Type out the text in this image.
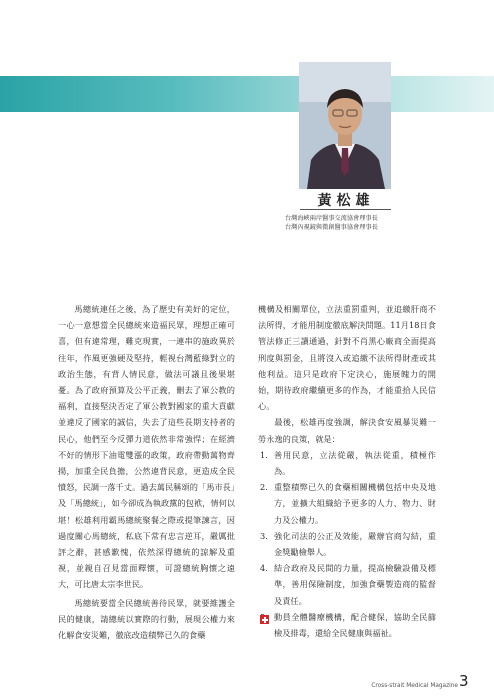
黃松雄
台灣海峽兩岸醫事交流協會理事長
台灣內視鏡與微創醫事協會理事長

馬總統連任之後，為了歷史有美好的定位，一心一意想當全民總統來造福民眾，理想正確可喜，但有違常理，難克現實，一連串的施政異於往年，作風更強硬及堅持，輕視台灣藍綠對立的政治生態，有背人情民意，做法可議且後果堪憂。為了政府預算及公平正義，刪去了軍公教的福利，直接堅決否定了軍公教對國家的重大貢獻並違反了國家的誠信，失去了這些長期支持者的民心，他們至今反彈力道依然非常強悍；在經濟不好的情形下油電雙漲的政策，政府帶動萬物齊揚，加重全民負擔，公然違背民意，更造成全民憤怒，民調一落千丈。過去萬民稱頌的「馬市長」及「馬總統」，如今卻成為執政黨的包袱，情何以堪！松雄利用霸馬總統聚餐之際或提筆諫言，因過度關心馬總統，私底下常有忠言逆耳，嚴厲批評之辭，甚感歉愧，依然深得總統的諒解及重視，並親自召見當面釋懷，可證總統胸懷之遠大，可比唐太宗李世民。

馬總統要當全民總統善待民眾，就要維護全民的健康，請總統以實際的行動，展現公權力來化解食安災難，徹底改造積弊已久的食藥

機構及相關單位，立法重罰重判，並追繳肝商不法所得，才能用制度徹底解決問題。11月18日食管法修正三讀通過，針對不肖黑心廠商全面提高刑度與罰金，且將沒入或追繳不法所得財產或其他利益。這只是政府下定決心，施展魄力的開始，期待政府繼續更多的作為，才能重拾人民信心。

最後，松雄再度強調，解決食安風暴災難一勞永逸的良策，就是：

1. 善用民意，立法從嚴，執法從重，積極作為。
2. 重整積弊已久的食藥相關機構包括中央及地方，並擴大組織給予更多的人力、物力、財力及公權力。
3. 強化司法的公正及效能，嚴辦官商勾結，重金獎勵檢舉人。
4. 結合政府及民間的力量，提高檢驗設備及標準，善用保險制度，加強食藥製造商的監督及責任。
動員全體醫療機構，配合健保，協助全民篩檢及排毒，還給全民健康與福祉。
Cross-strait Medical Magazine 3
